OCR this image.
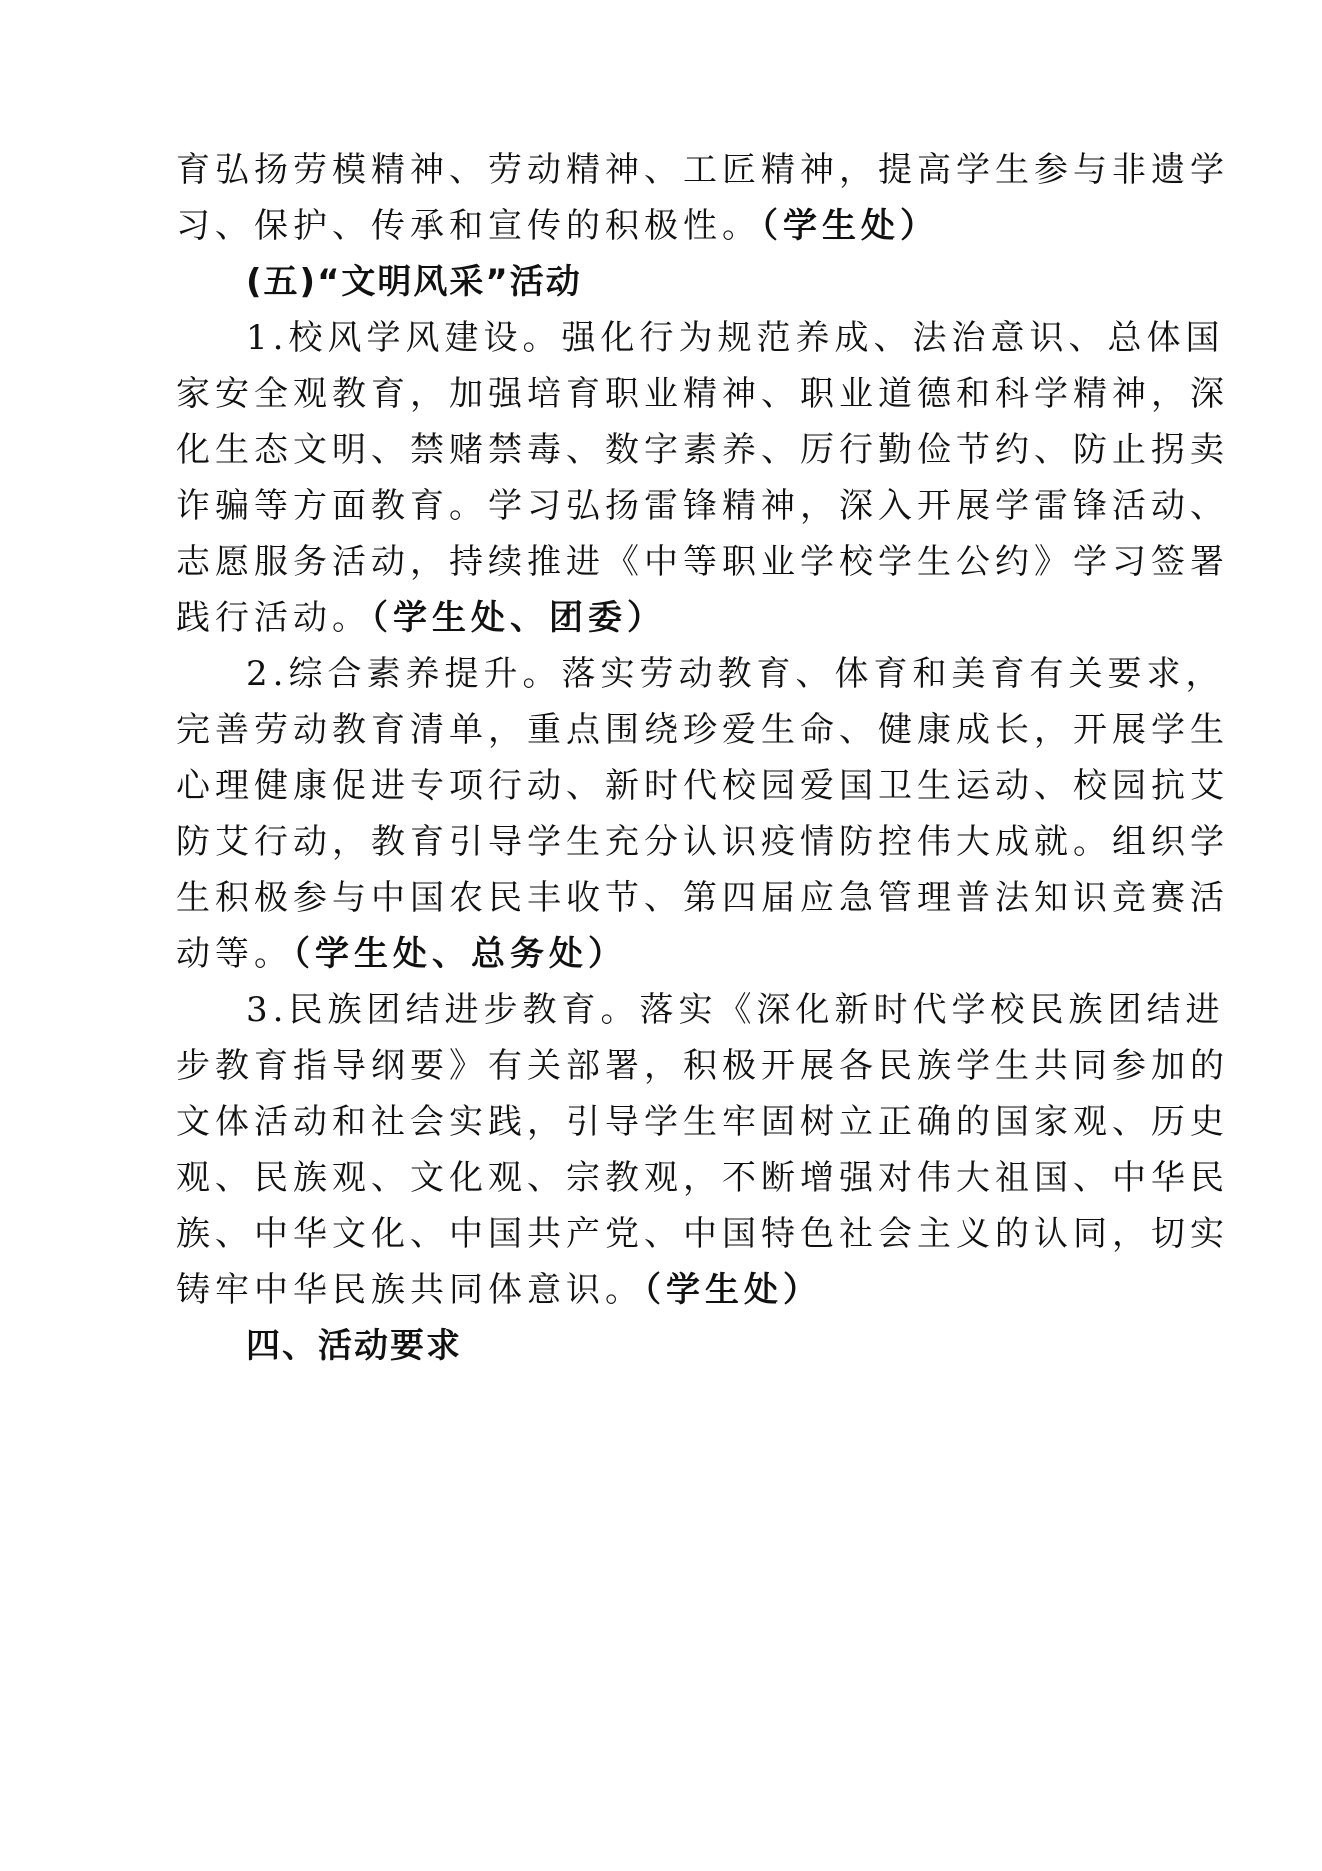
育弘扬劳模精神、劳动精神、工匠精神，提高学生参与非遗学
习、保护、传承和宣传的积极性。（学生处）
(五)“文明风采”活动
1.校风学风建设。强化行为规范养成、法治意识、总体国
家安全观教育，加强培育职业精神、职业道德和科学精神，深
化生态文明、禁赌禁毒、数字素养、厉行勤俭节约、防止拐卖
诈骗等方面教育。学习弘扬雷锋精神，深入开展学雷锋活动、
志愿服务活动，持续推进《中等职业学校学生公约》学习签署
践行活动。（学生处、团委）
2.综合素养提升。落实劳动教育、体育和美育有关要求，
完善劳动教育清单，重点围绕珍爱生命、健康成长，开展学生
心理健康促进专项行动、新时代校园爱国卫生运动、校园抗艾
防艾行动，教育引导学生充分认识疫情防控伟大成就。组织学
生积极参与中国农民丰收节、第四届应急管理普法知识竞赛活
动等。（学生处、总务处）
3.民族团结进步教育。落实《深化新时代学校民族团结进
步教育指导纲要》有关部署，积极开展各民族学生共同参加的
文体活动和社会实践，引导学生牢固树立正确的国家观、历史
观、民族观、文化观、宗教观，不断增强对伟大祖国、中华民
族、中华文化、中国共产党、中国特色社会主义的认同，切实
铸牢中华民族共同体意识。（学生处）
四、活动要求
